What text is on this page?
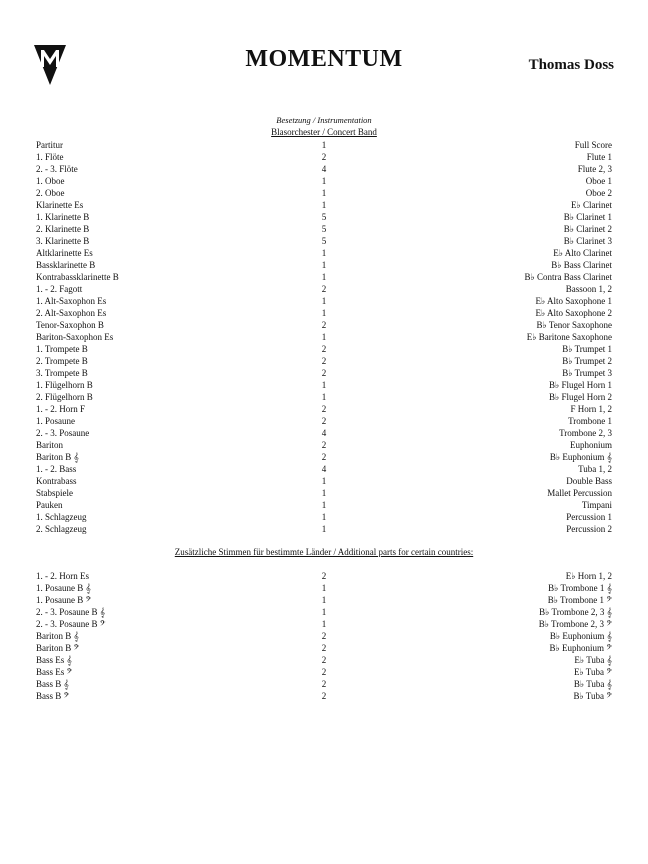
MOMENTUM	Thomas Doss
Besetzung / Instrumentation
Blasorchester / Concert Band
Partitur	1	Full Score
1. Flöte	2	Flute 1
2. - 3. Flöte	4	Flute 2, 3
1. Oboe	1	Oboe 1
2. Oboe	1	Oboe 2
Klarinette Es	1	E♭ Clarinet
1. Klarinette B	5	B♭ Clarinet 1
2. Klarinette B	5	B♭ Clarinet 2
3. Klarinette B	5	B♭ Clarinet 3
Altklarinette Es	1	E♭ Alto Clarinet
Bassklarinette B	1	B♭ Bass Clarinet
Kontrabassklarinette B	1	B♭ Contra Bass Clarinet
1. - 2. Fagott	2	Bassoon 1, 2
1. Alt-Saxophon Es	1	E♭ Alto Saxophone 1
2. Alt-Saxophon Es	1	E♭ Alto Saxophone 2
Tenor-Saxophon B	2	B♭ Tenor Saxophone
Bariton-Saxophon Es	1	E♭ Baritone Saxophone
1. Trompete B	2	B♭ Trumpet 1
2. Trompete B	2	B♭ Trumpet 2
3. Trompete B	2	B♭ Trumpet 3
1. Flügelhorn B	1	B♭ Flugel Horn 1
2. Flügelhorn B	1	B♭ Flugel Horn 2
1. - 2. Horn F	2	F Horn 1, 2
1. Posaune	2	Trombone 1
2. - 3. Posaune	4	Trombone 2, 3
Bariton	2	Euphonium
Bariton B 𝄞	2	B♭ Euphonium 𝄞
1. - 2. Bass	4	Tuba 1, 2
Kontrabass	1	Double Bass
Stabspiele	1	Mallet Percussion
Pauken	1	Timpani
1. Schlagzeug	1	Percussion 1
2. Schlagzeug	1	Percussion 2
Zusätzliche Stimmen für bestimmte Länder / Additional parts for certain countries:
1. - 2. Horn Es	2	E♭ Horn 1, 2
1. Posaune B 𝄞	1	B♭ Trombone 1 𝄞
1. Posaune B 𝄢	1	B♭ Trombone 1 𝄢
2. - 3. Posaune B 𝄞	1	B♭ Trombone 2, 3 𝄞
2. - 3. Posaune B 𝄢	1	B♭ Trombone 2, 3 𝄢
Bariton B 𝄞	2	B♭ Euphonium 𝄞
Bariton B 𝄢	2	B♭ Euphonium 𝄢
Bass Es 𝄞	2	E♭ Tuba 𝄞
Bass Es 𝄢	2	E♭ Tuba 𝄢
Bass B 𝄞	2	B♭ Tuba 𝄞
Bass B 𝄢	2	B♭ Tuba 𝄢
